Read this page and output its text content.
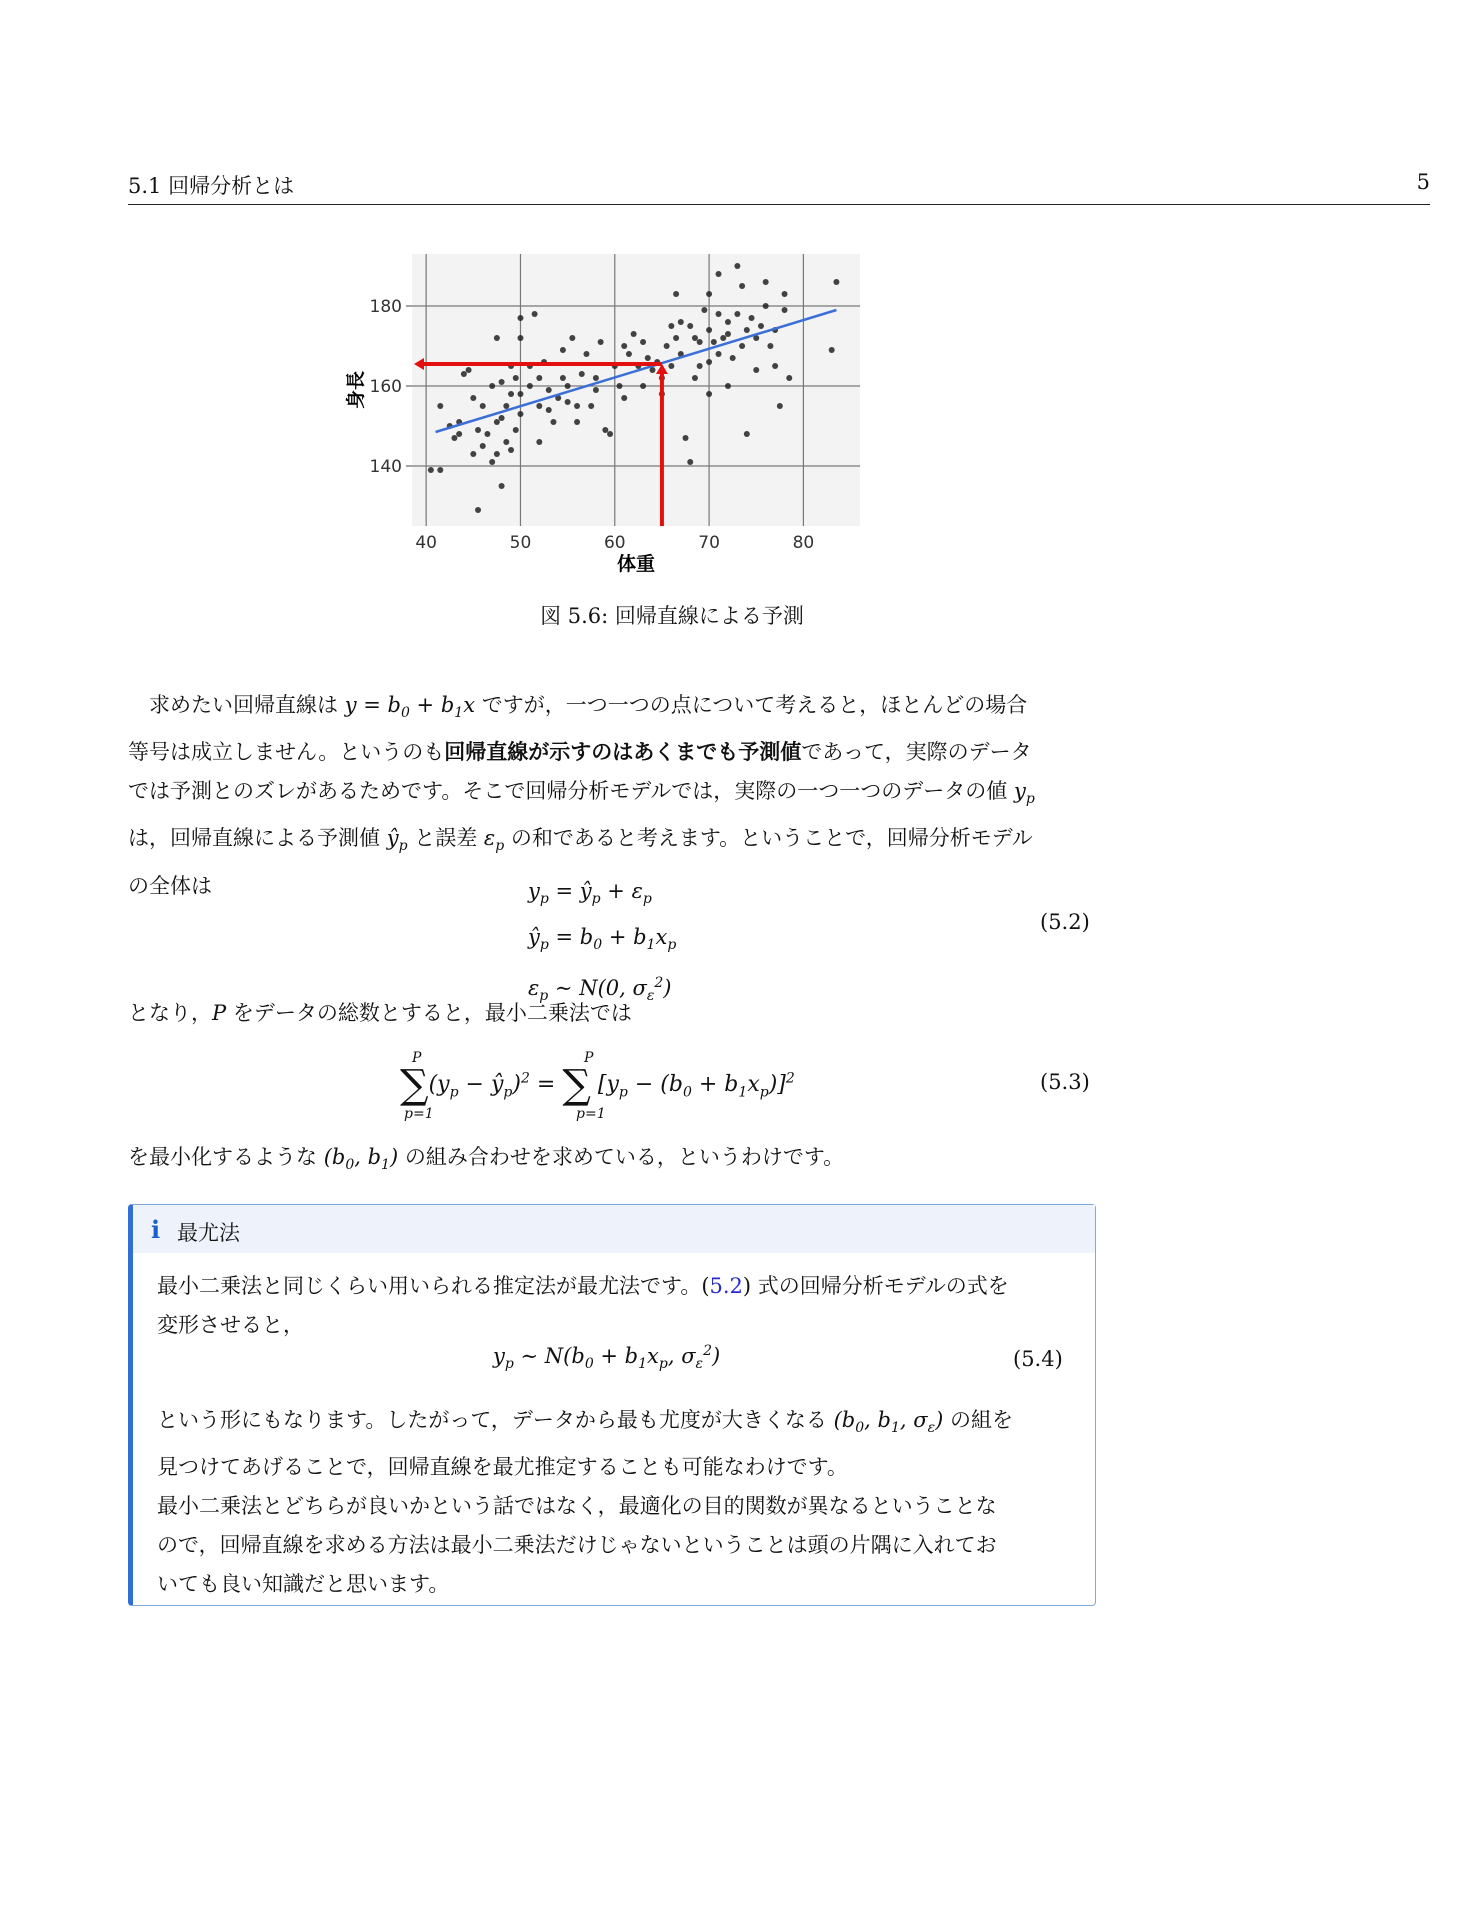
5.1 回帰分析とは	5
40	50	60	70	80
140
160
180
体重
身長
図 5.6: 回帰直線による予測
求めたい回帰直線は $y = b_0 + b_1x$ ですが，一つ一つの点について考えると，ほとんどの場合
等号は成立しません。というのも回帰直線が示すのはあくまでも予測値であって，実際のデータ
では予測とのズレがあるためです。そこで回帰分析モデルでは，実際の一つ一つのデータの値 $y_p$
は，回帰直線による予測値 $ŷ_p$ と誤差 $\varepsilon_p$ の和であると考えます。ということで，回帰分析モデル
の全体は	$y_p$ = $ŷ_p + \varepsilon_p$
$ŷ_p = b_0 + b_1x_p$
$\varepsilon_p$ ∼ N(0, $\sigma_\varepsilon^2$)
(5.2)
となり，P をデータの総数とすると，最小二乗法では
$\sum(y_p$ − $ŷ_p)^2$ = ∑ $[y_p - (b_0 + b_1x_p)]^2$
P
p=1
P
p=1
(5.3)
を最小化するような ($b_0$, $b_1$) の組み合わせを求めている，というわけです。
i 最尤法
最小二乗法と同じくらい用いられる推定法が最尤法です。(5.2) 式の回帰分析モデルの式を
変形させると，
$y_p$ ∼ $N(b_0 + b_1x_p$, $\sigma_\varepsilon^2$)	(5.4)
という形にもなります。したがって，データから最も尤度が大きくなる ($b_0$, $b_1$, $\sigma_\varepsilon$) の組を
見つけてあげることで，回帰直線を最尤推定することも可能なわけです。
最小二乗法とどちらが良いかという話ではなく，最適化の目的関数が異なるということな
ので，回帰直線を求める方法は最小二乗法だけじゃないということは頭の片隅に入れてお
いても良い知識だと思います。
